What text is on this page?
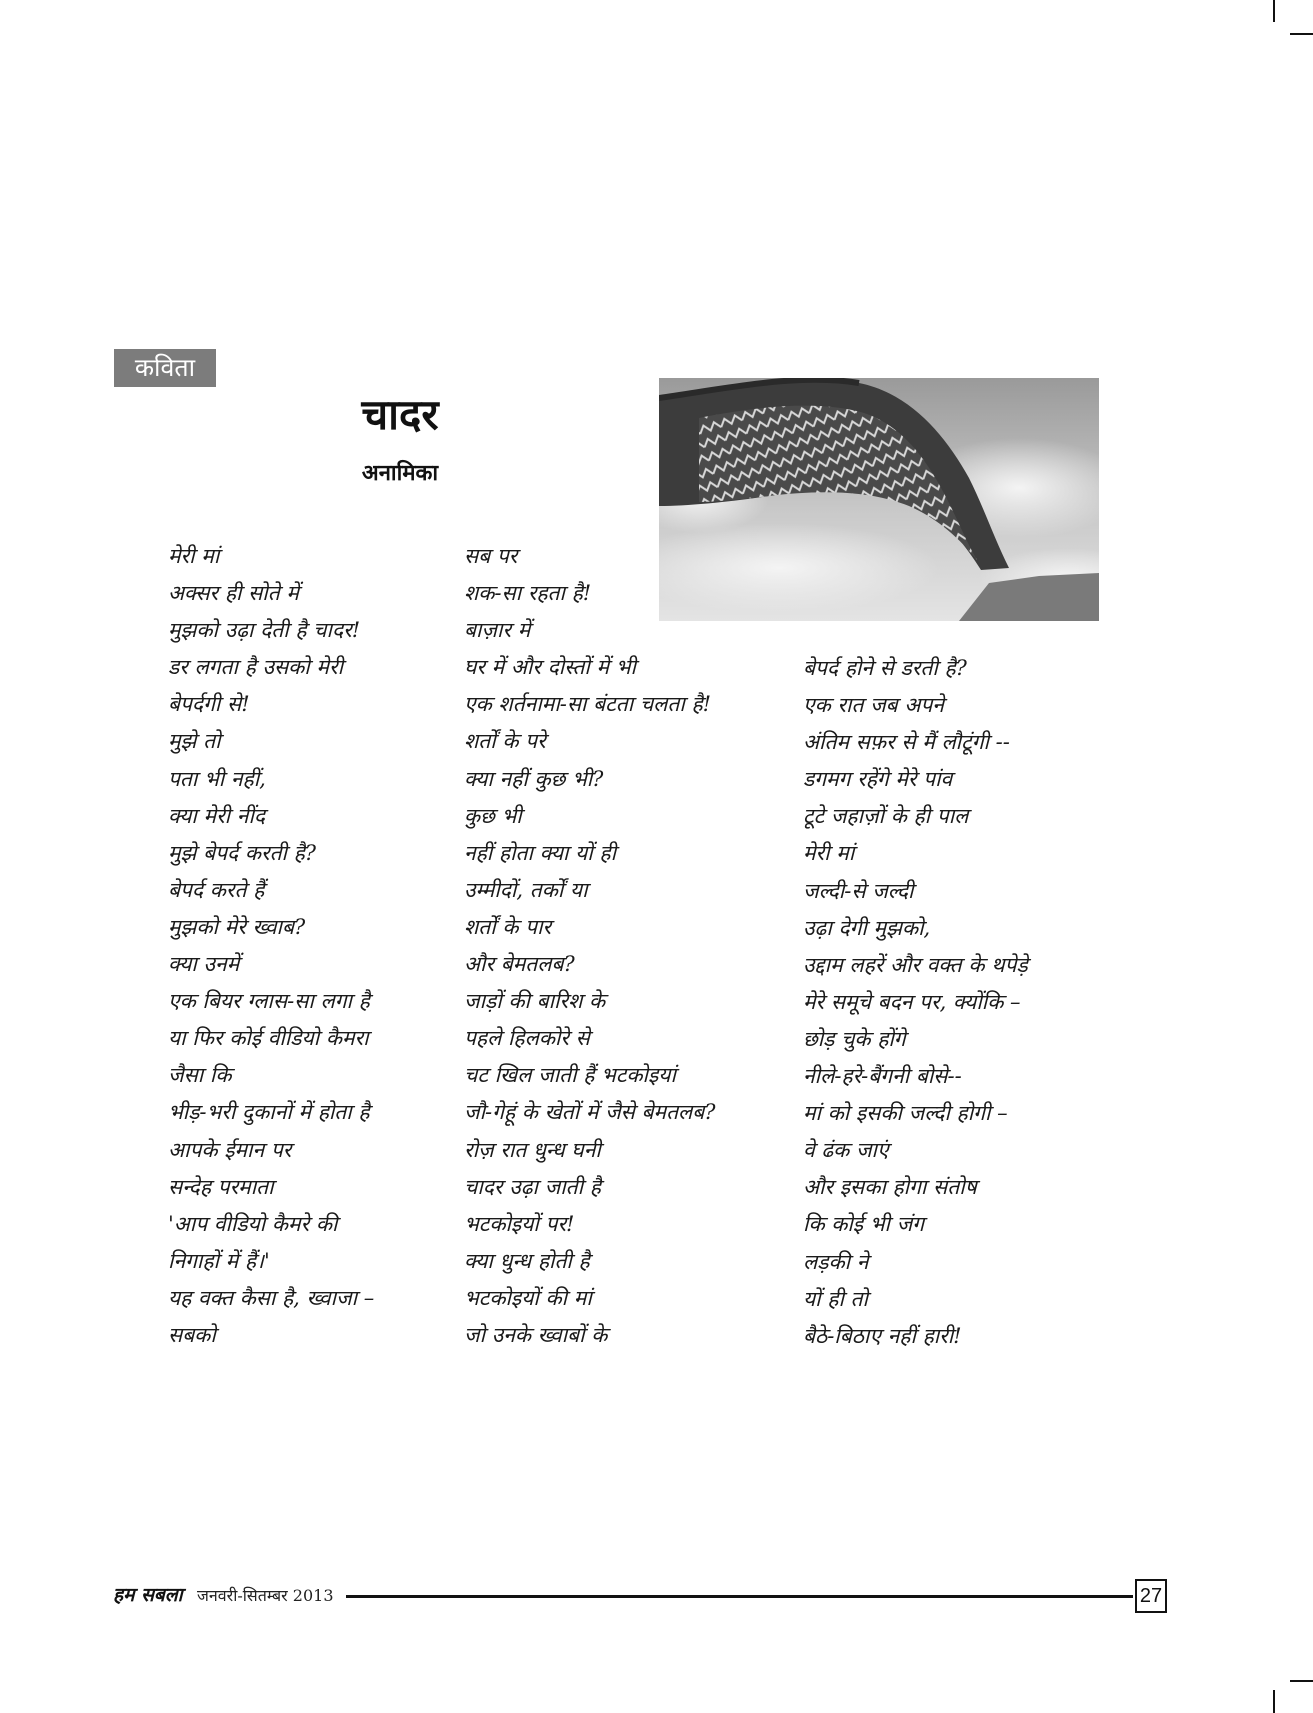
कविता
चादर
अनामिका
मेरी मां
अक्सर ही सोते में
मुझको उढ़ा देती है चादर!
डर लगता है उसको मेरी
बेपर्दगी से!
मुझे तो
पता भी नहीं,
क्या मेरी नींद
मुझे बेपर्द करती है?
बेपर्द करते हैं
मुझको मेरे ख्वाब?
क्या उनमें
एक बियर ग्लास-सा लगा है
या फिर कोई वीडियो कैमरा
जैसा कि
भीड़-भरी दुकानों में होता है
आपके ईमान पर
सन्देह परमाता
'आप वीडियो कैमरे की
निगाहों में हैं।'
यह वक्त कैसा है, ख्वाजा –
सबको
सब पर
शक-सा रहता है!
बाज़ार में
घर में और दोस्तों में भी
एक शर्तनामा-सा बंटता चलता है!
शर्तों के परे
क्या नहीं कुछ भी?
कुछ भी
नहीं होता क्या यों ही
उम्मीदों, तर्कों या
शर्तों के पार
और बेमतलब?
जाड़ों की बारिश के
पहले हिलकोरे से
चट खिल जाती हैं भटकोइयां
जौ-गेहूं के खेतों में जैसे बेमतलब?
रोज़ रात धुन्ध घनी
चादर उढ़ा जाती है
भटकोइयों पर!
क्या धुन्ध होती है
भटकोइयों की मां
जो उनके ख्वाबों के
बेपर्द होने से डरती है?
एक रात जब अपने
अंतिम सफ़र से मैं लौटूंगी --
डगमग रहेंगे मेरे पांव
टूटे जहाज़ों के ही पाल
मेरी मां
जल्दी-से जल्दी
उढ़ा देगी मुझको,
उद्दाम लहरें और वक्त के थपेड़े
मेरे समूचे बदन पर, क्योंकि –
छोड़ चुके होंगे
नीले-हरे-बैंगनी बोसे--
मां को इसकी जल्दी होगी –
वे ढंक जाएं
और इसका होगा संतोष
कि कोई भी जंग
लड़की ने
यों ही तो
बैठे-बिठाए नहीं हारी!
हम सबला जनवरी-सितम्बर 2013	27
